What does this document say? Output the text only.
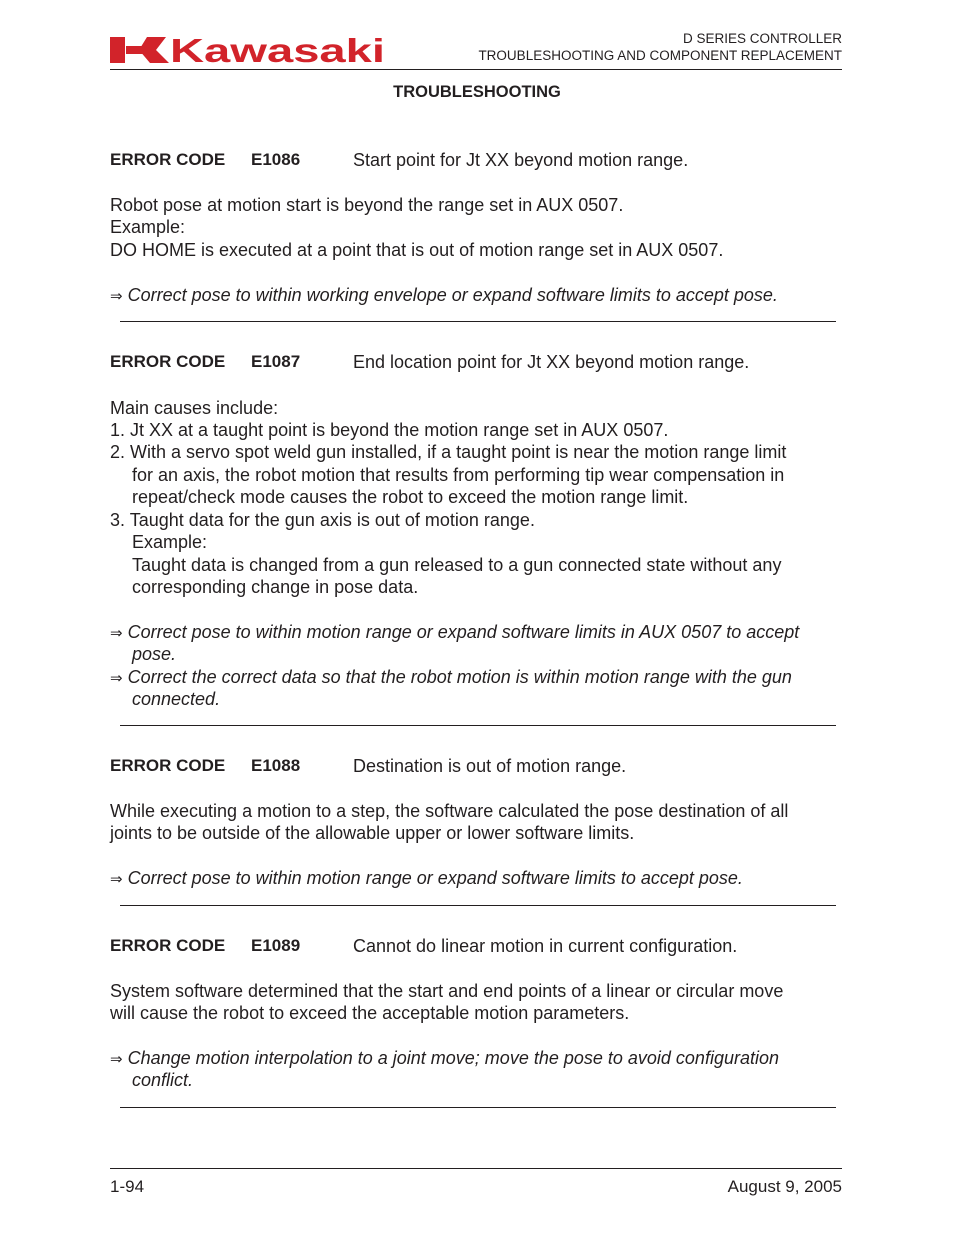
Kawasaki	D SERIES CONTROLLER
TROUBLESHOOTING AND COMPONENT REPLACEMENT
TROUBLESHOOTING
ERROR CODE E1086	Start point for Jt XX beyond motion range.
Robot pose at motion start is beyond the range set in AUX 0507.
Example:
DO HOME is executed at a point that is out of motion range set in AUX 0507.
⇒ Correct pose to within working envelope or expand software limits to accept pose.
ERROR CODE E1087	End location point for Jt XX beyond motion range.
Main causes include:
1. Jt XX at a taught point is beyond the motion range set in AUX 0507.
2. With a servo spot weld gun installed, if a taught point is near the motion range limit
for an axis, the robot motion that results from performing tip wear compensation in
repeat/check mode causes the robot to exceed the motion range limit.
3. Taught data for the gun axis is out of motion range.
Example:
Taught data is changed from a gun released to a gun connected state without any
corresponding change in pose data.
⇒ Correct pose to within motion range or expand software limits in AUX 0507 to accept
pose.
⇒ Correct the correct data so that the robot motion is within motion range with the gun
connected.
ERROR CODE E1088	Destination is out of motion range.
While executing a motion to a step, the software calculated the pose destination of all
joints to be outside of the allowable upper or lower software limits.
⇒ Correct pose to within motion range or expand software limits to accept pose.
ERROR CODE E1089	Cannot do linear motion in current configuration.
System software determined that the start and end points of a linear or circular move
will cause the robot to exceed the acceptable motion parameters.
⇒ Change motion interpolation to a joint move; move the pose to avoid configuration
conflict.
1-94	August 9, 2005
